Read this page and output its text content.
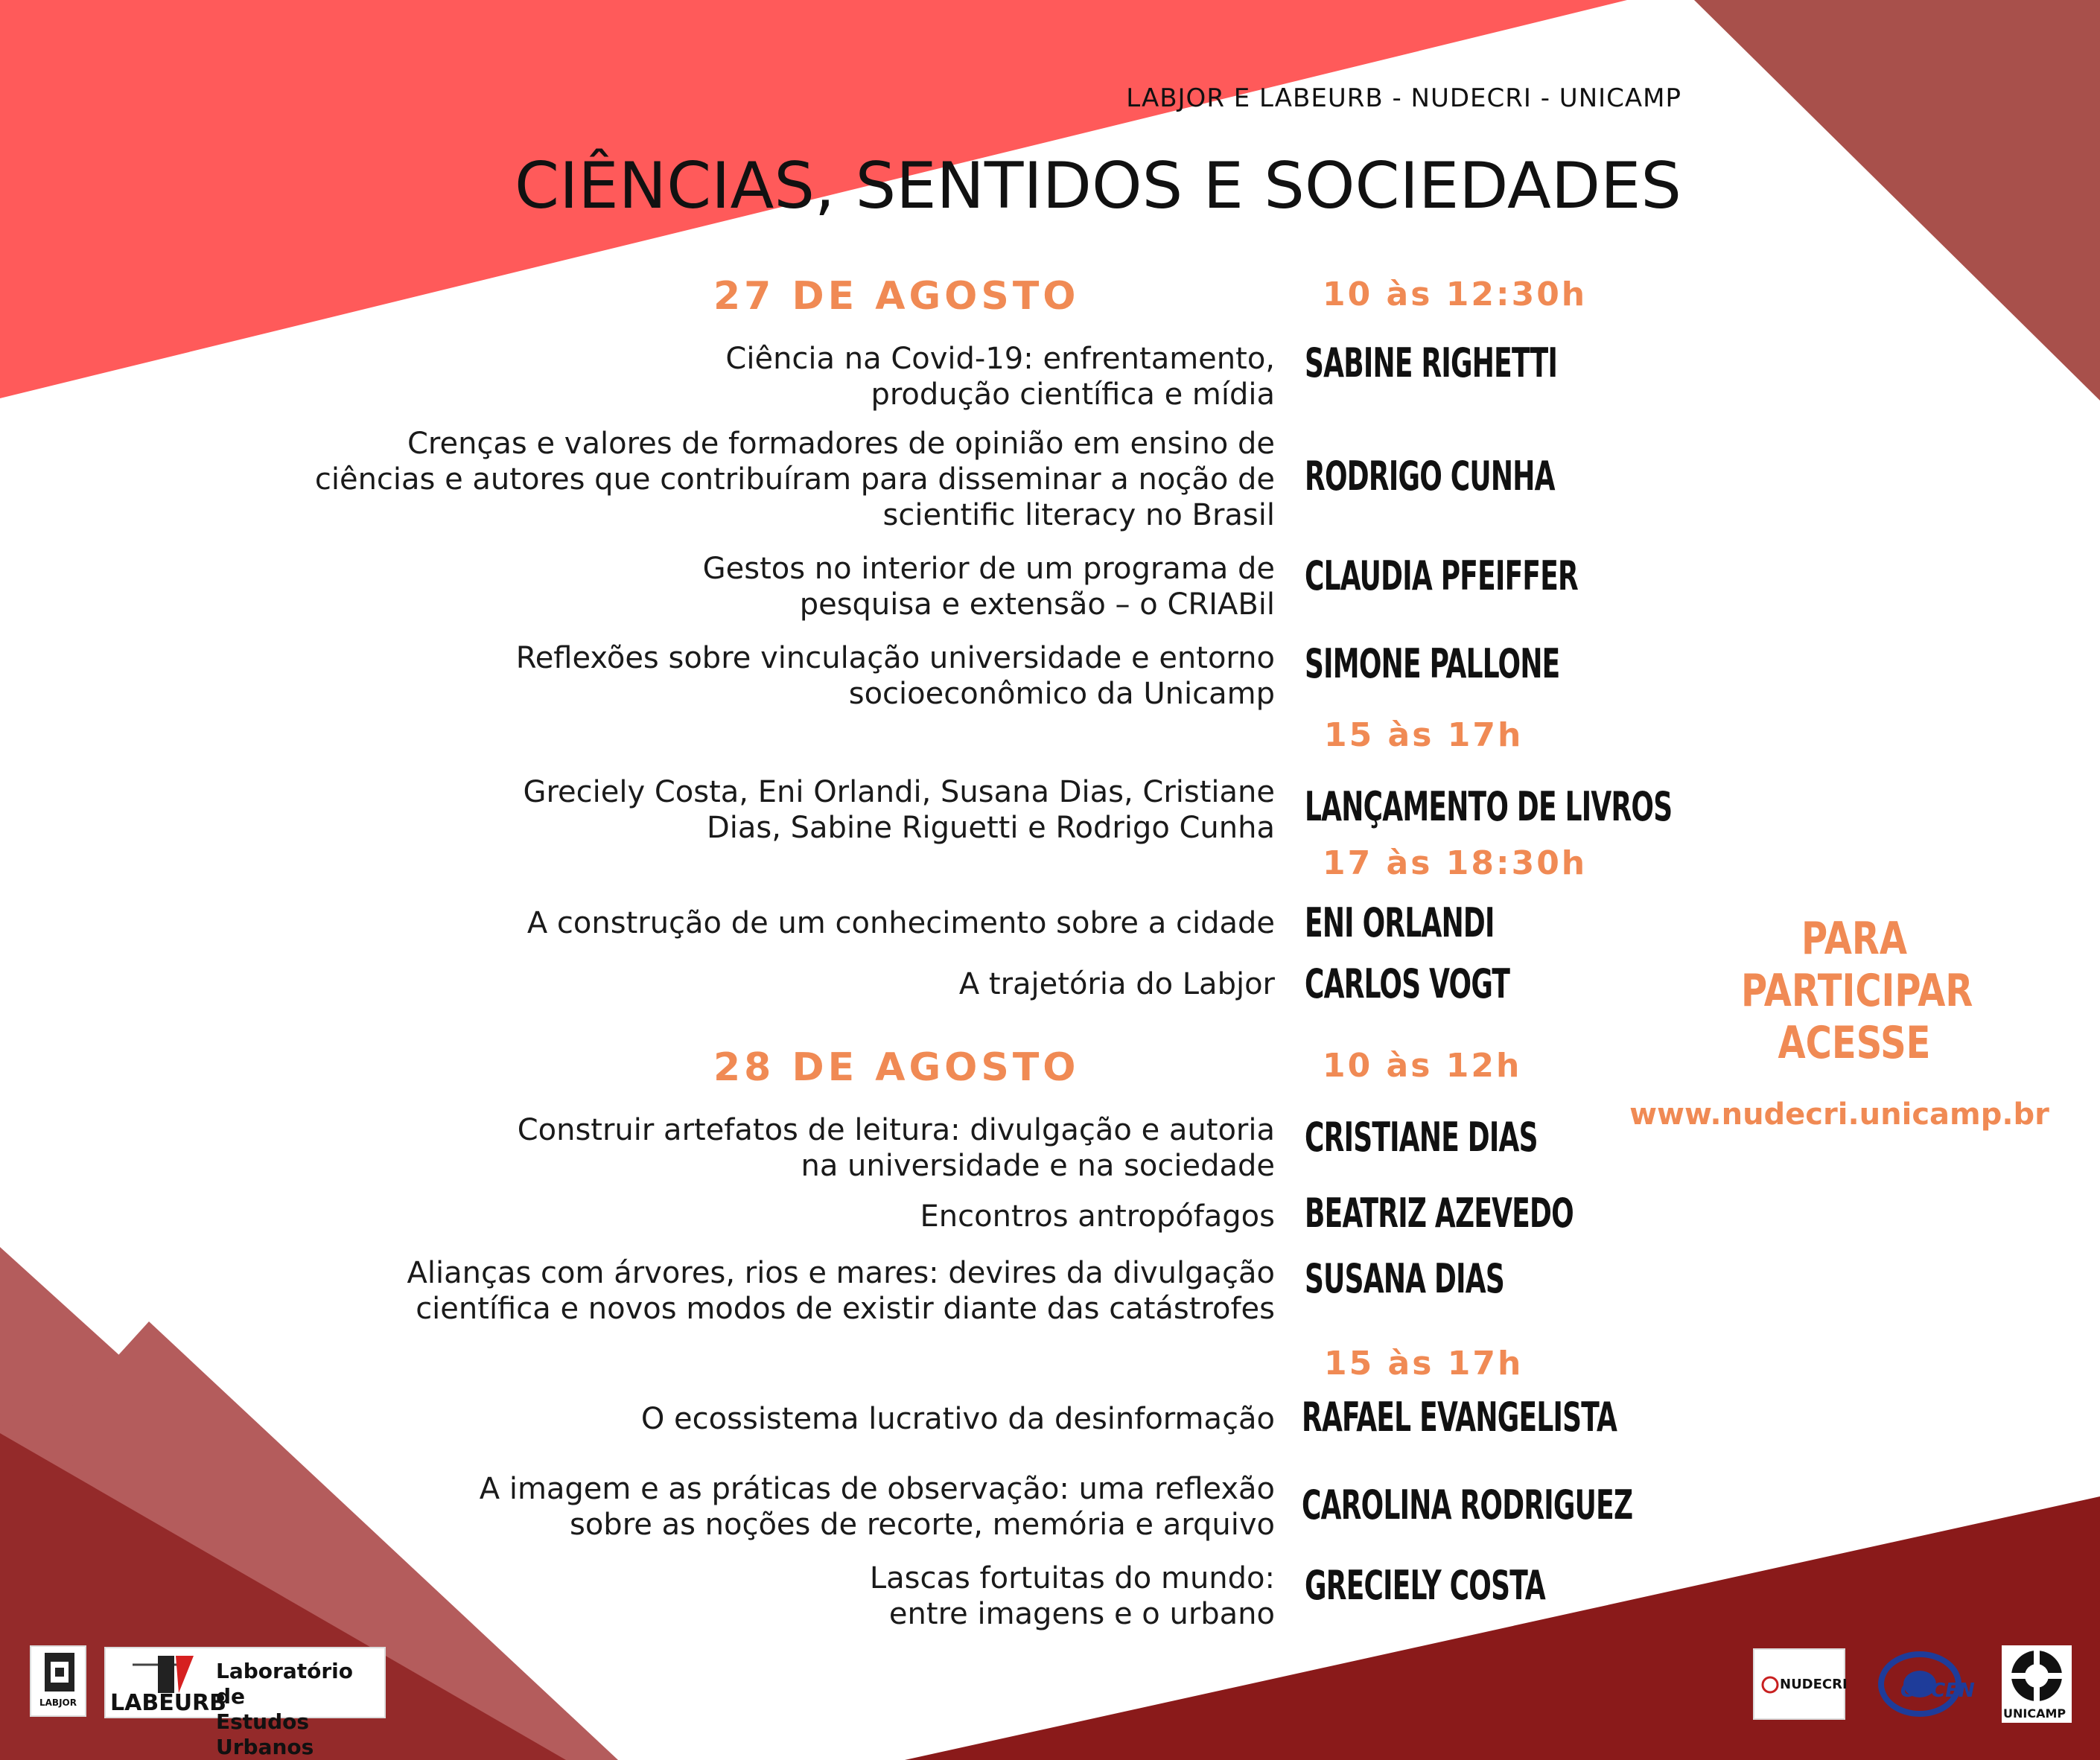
LABJOR E LABEURB - NUDECRI - UNICAMP
CIÊNCIAS, SENTIDOS E SOCIEDADES
27 DE AGOSTO	10 às 12:30h
Ciência na Covid-19: enfrentamento,
produção científica e mídia
SABINE RIGHETTI
Crenças e valores de formadores de opinião em ensino de
ciências e autores que contribuíram para disseminar a noção de
scientific literacy no Brasil
RODRIGO CUNHA
Gestos no interior de um programa de
pesquisa e extensão – o CRIABil
CLAUDIA PFEIFFER
Reflexões sobre vinculação universidade e entorno
socioeconômico da Unicamp
SIMONE PALLONE
15 às 17h
Greciely Costa, Eni Orlandi, Susana Dias, Cristiane
Dias, Sabine Riguetti e Rodrigo Cunha LANÇAMENTO DE LIVROS
17 às 18:30h
A construção de um conhecimento sobre a cidade ENI ORLANDI
A trajetória do Labjor CARLOS VOGT
28 DE AGOSTO	10 às 12h
Construir artefatos de leitura: divulgação e autoria
na universidade e na sociedade
CRISTIANE DIAS
Encontros antropófagos BEATRIZ AZEVEDO
Alianças com árvores, rios e mares: devires da divulgação
científica e novos modos de existir diante das catástrofes
SUSANA DIAS
15 às 17h
O ecossistema lucrativo da desinformação RAFAEL EVANGELISTA
A imagem e as práticas de observação: uma reflexão
sobre as noções de recorte, memória e arquivo CAROLINA RODRIGUEZ
Lascas fortuitas do mundo:
entre imagens e o urbano
GRECIELY COSTA
PARA
PARTICIPAR
ACESSE
www.nudecri.unicamp.br
LABJOR LABEURB
Laboratório de
Estudos Urbanos
NUDECRI	COCEN
UNICAMP
